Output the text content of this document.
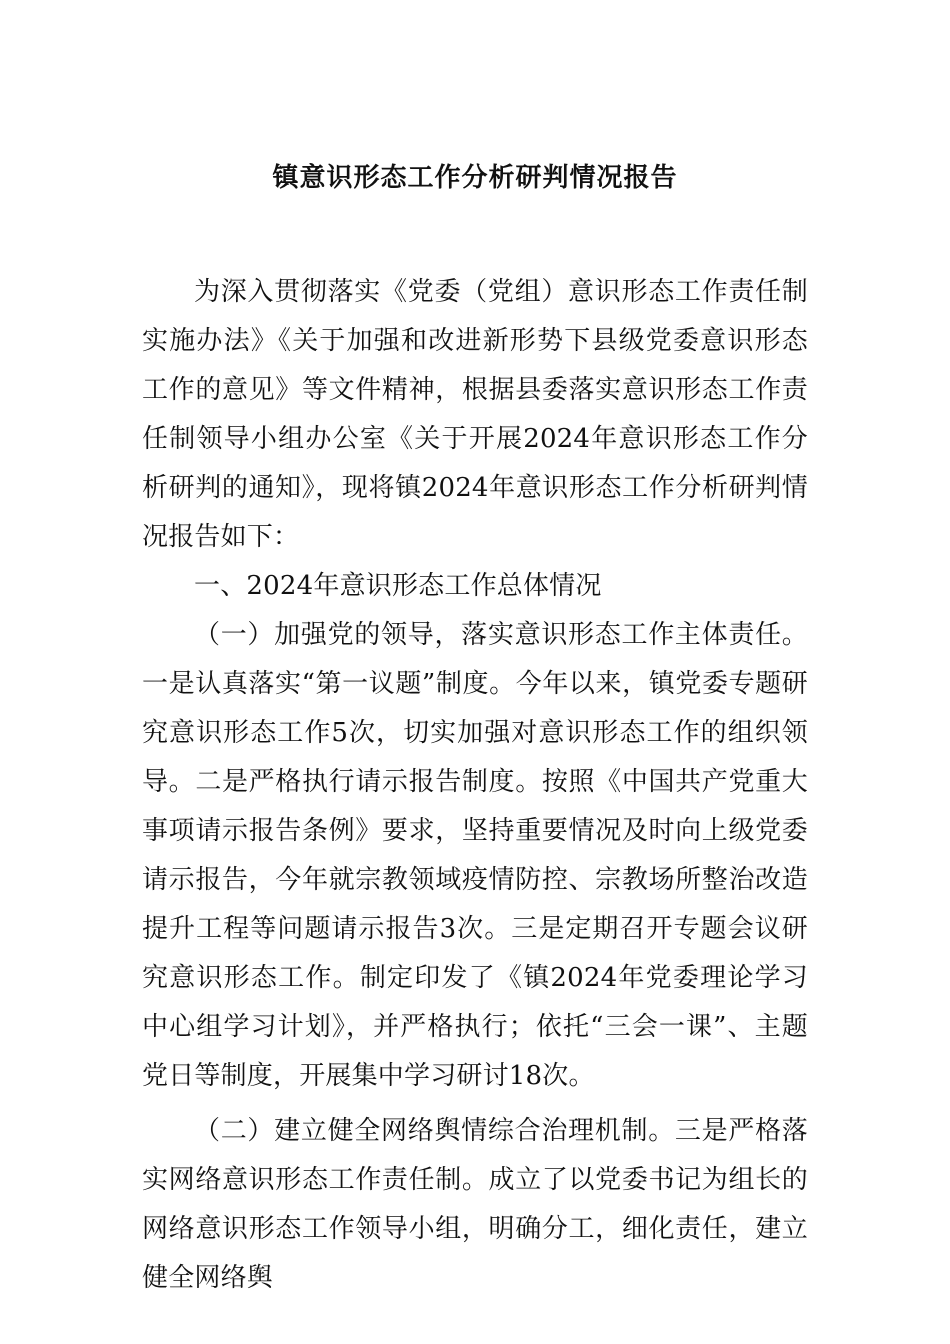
镇意识形态工作分析研判情况报告

为深入贯彻落实《党委（党组）意识形态工作责任制实施办法》《关于加强和改进新形势下县级党委意识形态工作的意见》等文件精神，根据县委落实意识形态工作责任制领导小组办公室《关于开展2024年意识形态工作分析研判的通知》，现将镇2024年意识形态工作分析研判情况报告如下：

一、2024年意识形态工作总体情况

（一）加强党的领导，落实意识形态工作主体责任。一是认真落实“第一议题”制度。今年以来，镇党委专题研究意识形态工作5次，切实加强对意识形态工作的组织领导。二是严格执行请示报告制度。按照《中国共产党重大事项请示报告条例》要求，坚持重要情况及时向上级党委请示报告，今年就宗教领域疫情防控、宗教场所整治改造提升工程等问题请示报告3次。三是定期召开专题会议研究意识形态工作。制定印发了《镇2024年党委理论学习中心组学习计划》，并严格执行；依托“三会一课”、主题党日等制度，开展集中学习研讨18次。

（二）建立健全网络舆情综合治理机制。三是严格落实网络意识形态工作责任制。成立了以党委书记为组长的网络意识形态工作领导小组，明确分工，细化责任，建立健全网络舆
